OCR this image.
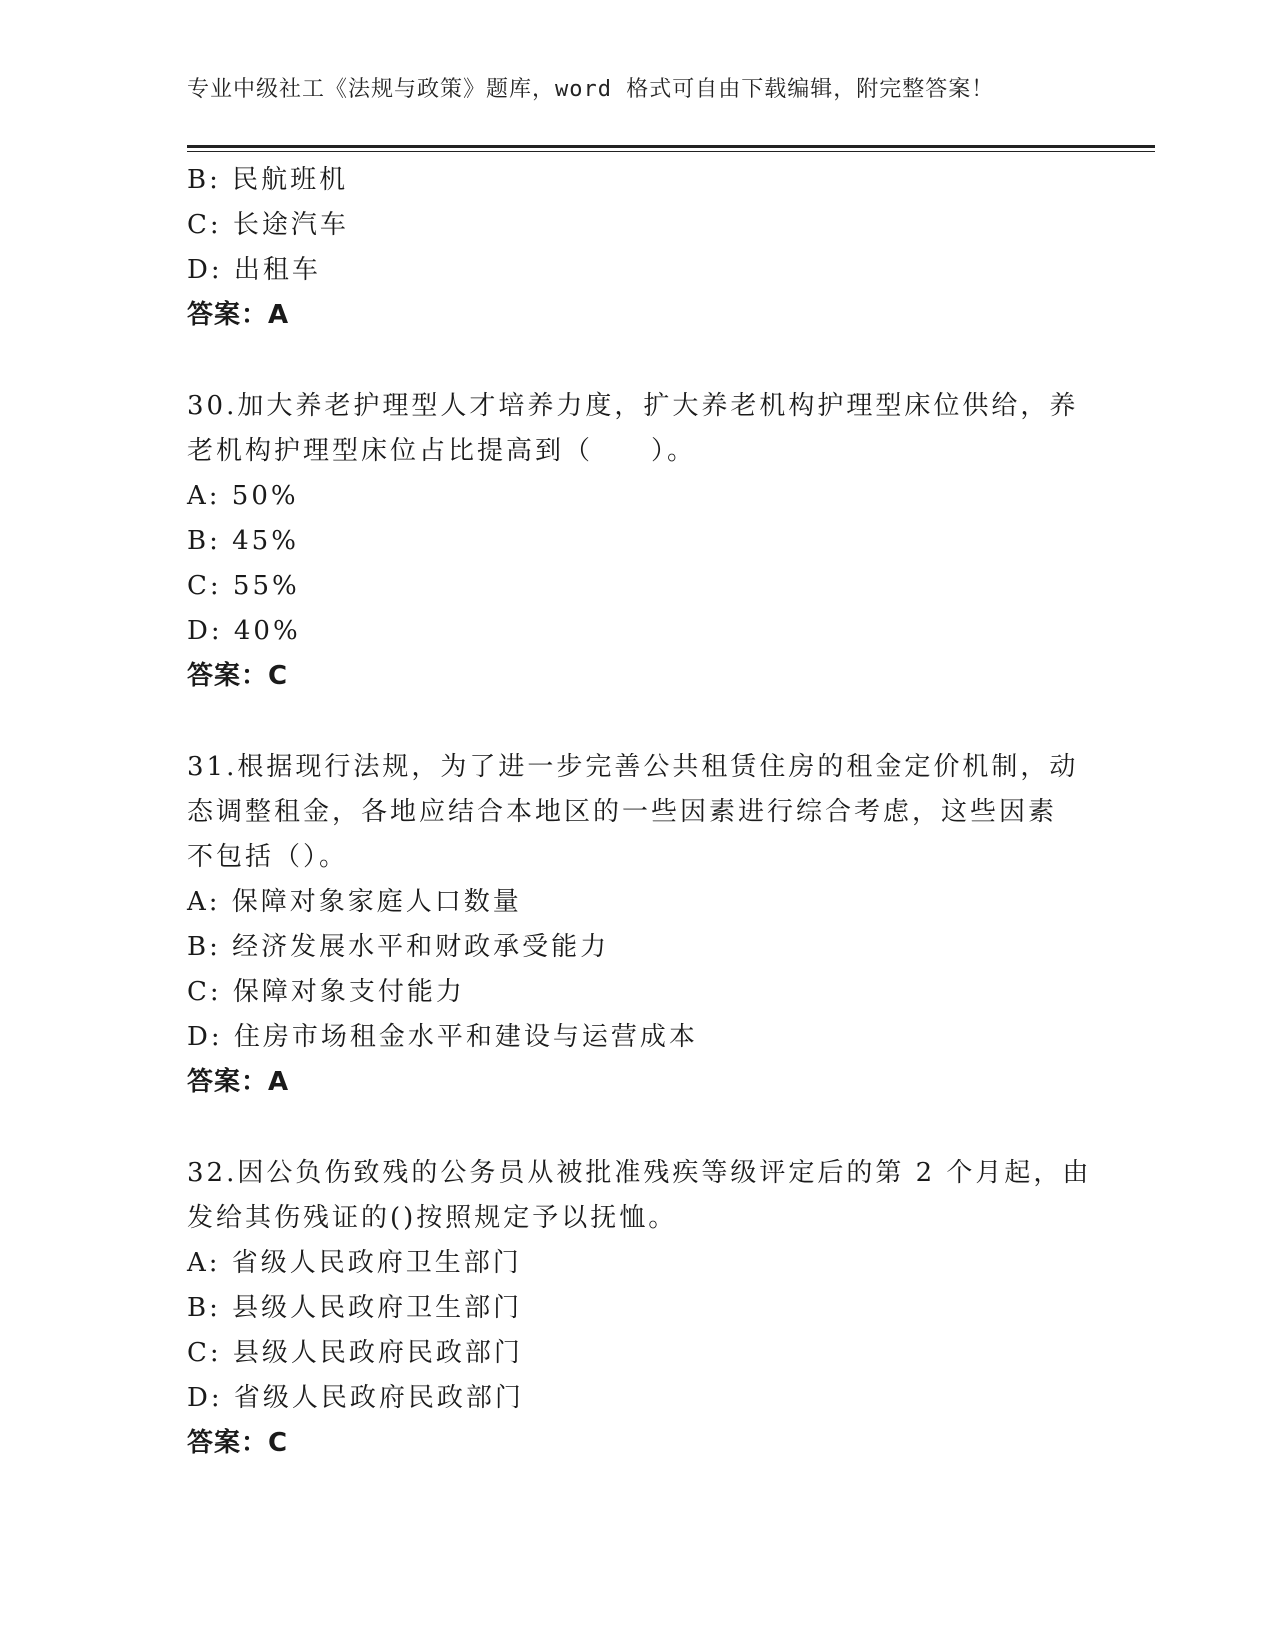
专业中级社工《法规与政策》题库，word 格式可自由下载编辑，附完整答案！
B: 民航班机
C: 长途汽车
D: 出租车
答案：A
30.加大养老护理型人才培养力度，扩大养老机构护理型床位供给，养
老机构护理型床位占比提高到（　　）。
A: 50%
B: 45%
C: 55%
D: 40%
答案：C
31.根据现行法规，为了进一步完善公共租赁住房的租金定价机制，动
态调整租金，各地应结合本地区的一些因素进行综合考虑，这些因素
不包括（）。
A: 保障对象家庭人口数量
B: 经济发展水平和财政承受能力
C: 保障对象支付能力
D: 住房市场租金水平和建设与运营成本
答案：A
32.因公负伤致残的公务员从被批准残疾等级评定后的第 2 个月起，由
发给其伤残证的()按照规定予以抚恤。
A: 省级人民政府卫生部门
B: 县级人民政府卫生部门
C: 县级人民政府民政部门
D: 省级人民政府民政部门
答案：C
